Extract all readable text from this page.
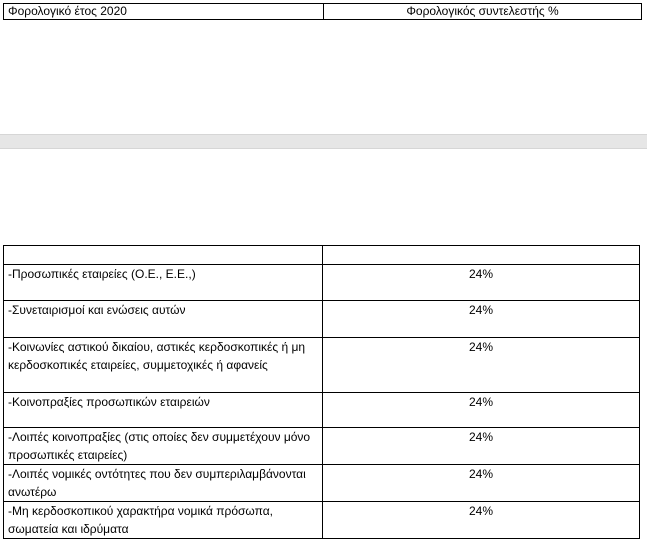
Φορολογικό έτος 2020	Φορολογικός συντελεστής %

-Προσωπικές εταιρείες (Ο.Ε., Ε.Ε.,)	24%
-Συνεταιρισμοί και ενώσεις αυτών	24%
-Κοινωνίες αστικού δικαίου, αστικές κερδοσκοπικές ή μη κερδοσκοπικές εταιρείες, συμμετοχικές ή αφανείς	24%
-Κοινοπραξίες προσωπικών εταιρειών	24%
-Λοιπές κοινοπραξίες (στις οποίες δεν συμμετέχουν μόνο προσωπικές εταιρείες)	24%
-Λοιπές νομικές οντότητες που δεν συμπεριλαμβάνονται ανωτέρω	24%
-Μη κερδοσκοπικού χαρακτήρα νομικά πρόσωπα, σωματεία και ιδρύματα	24%
